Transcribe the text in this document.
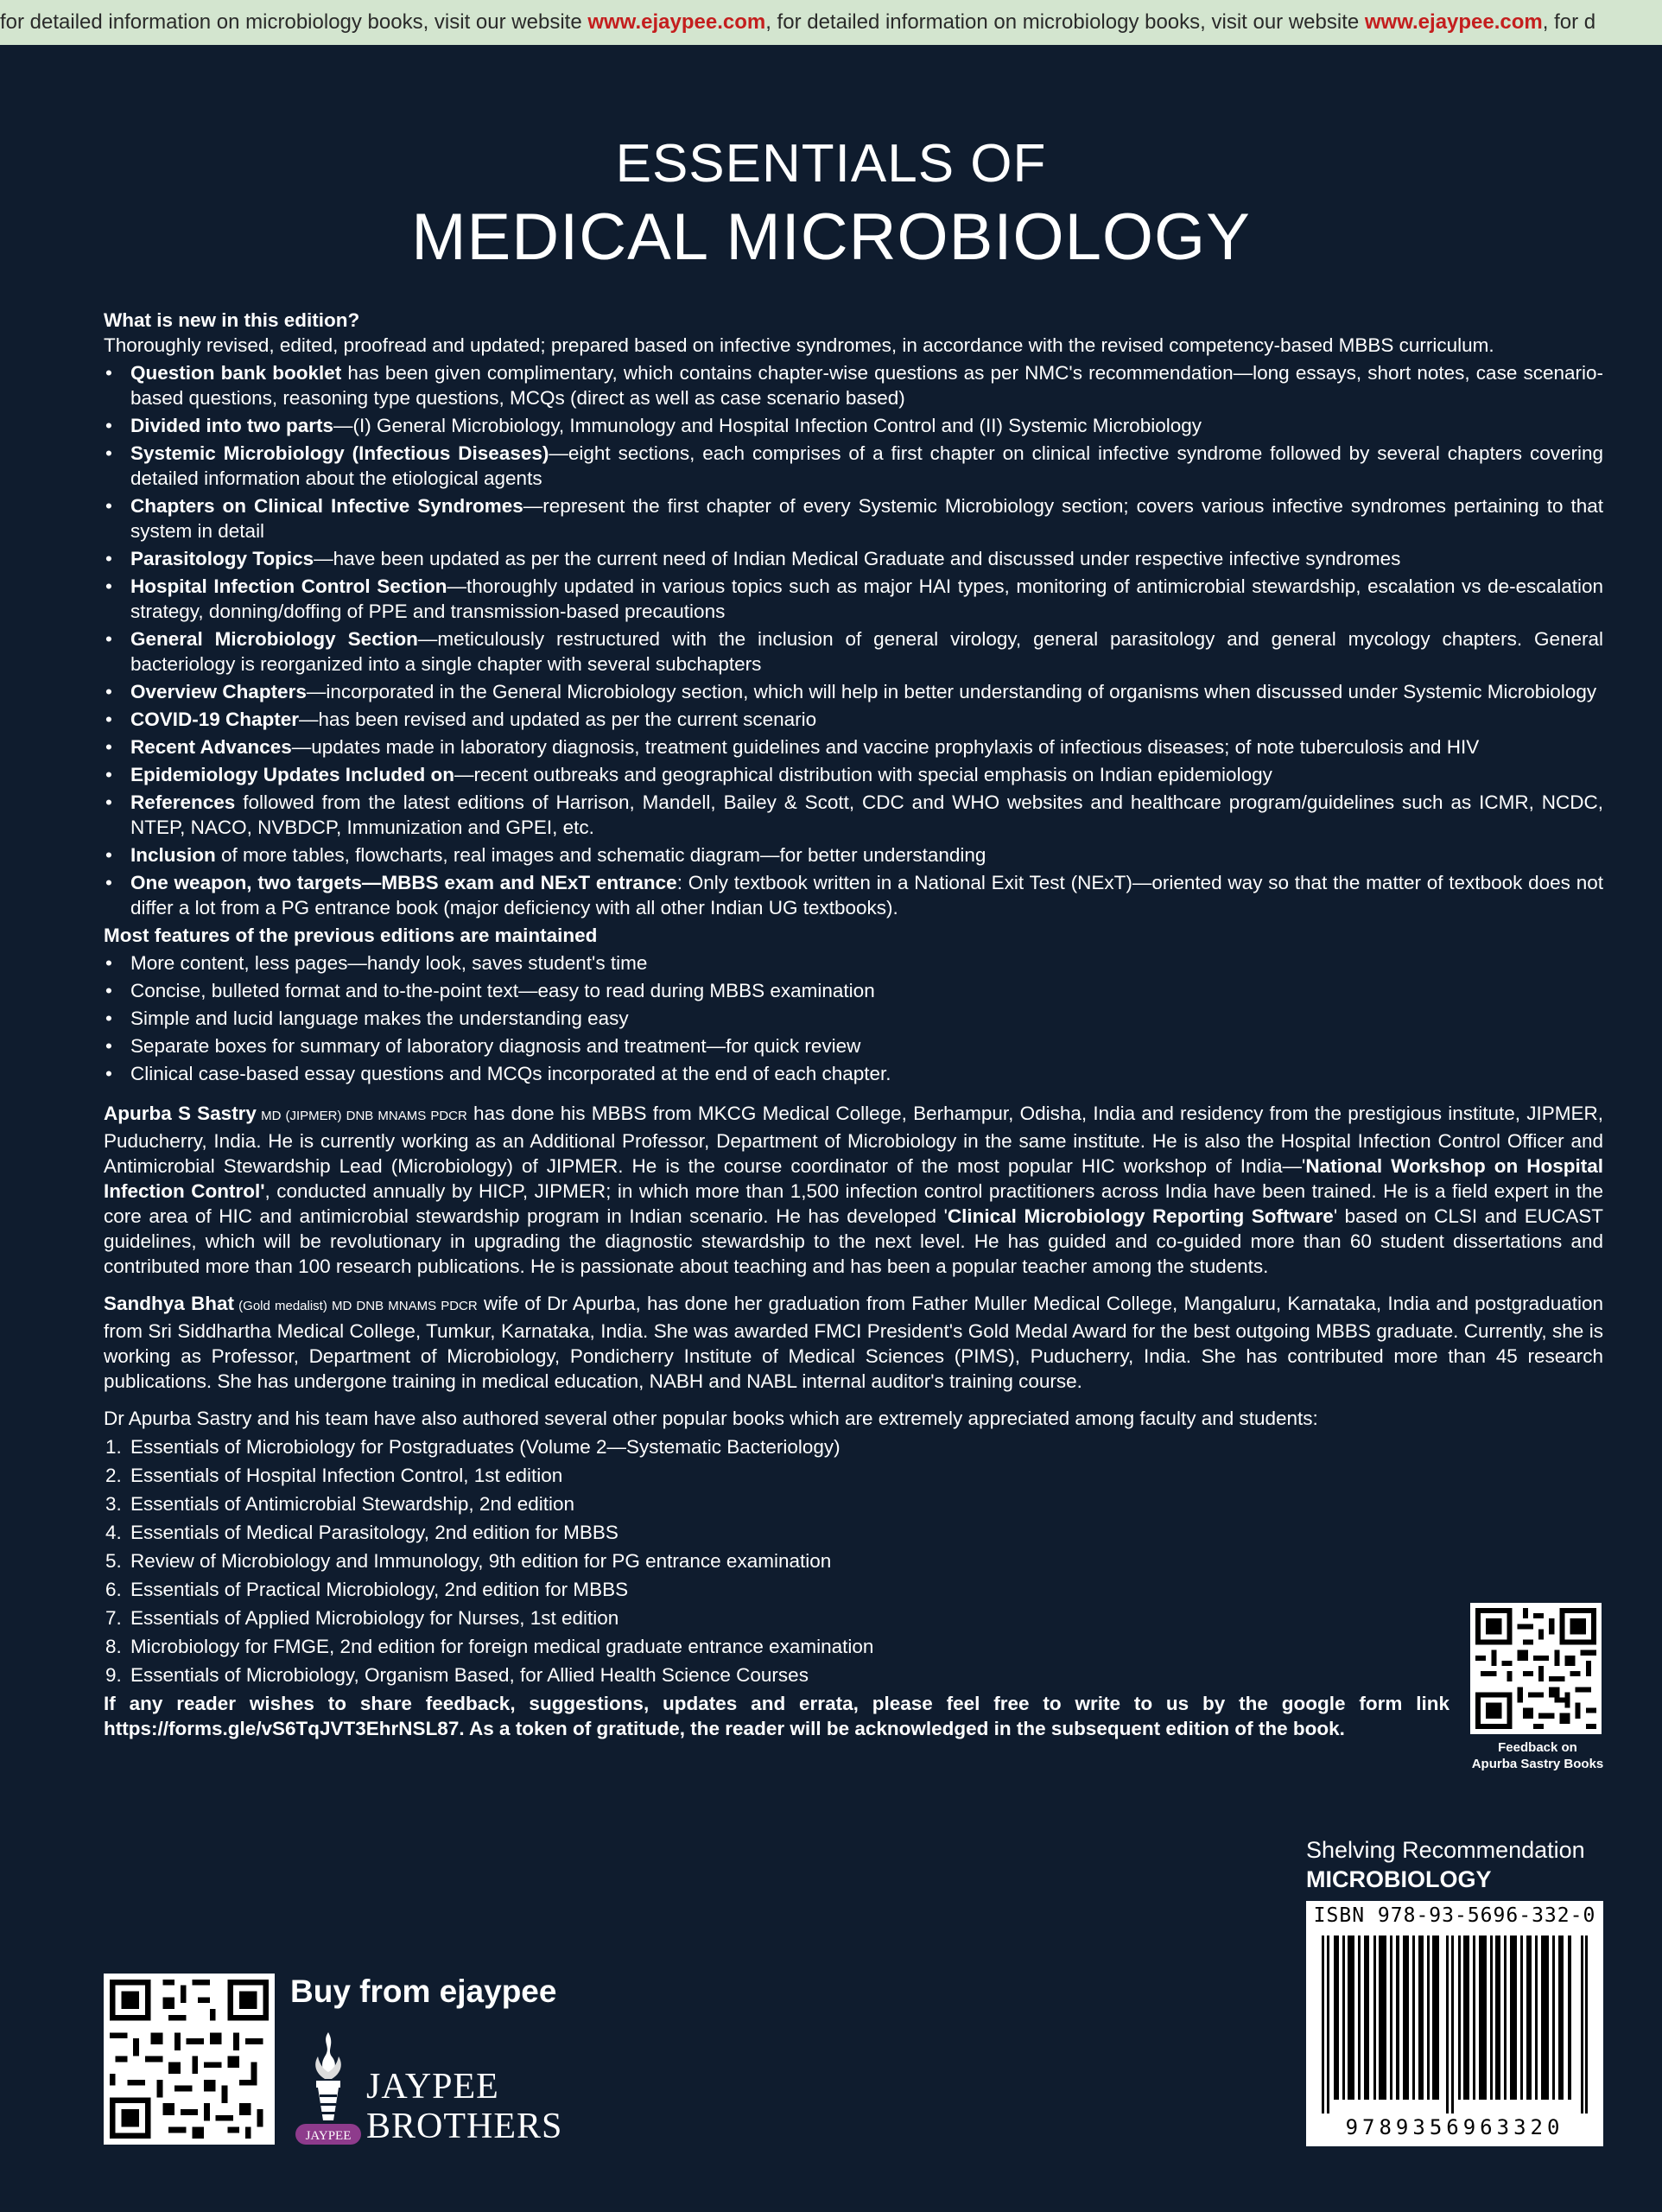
for detailed information on microbiology books, visit our website www.ejaypee.com, for detailed information on microbiology books, visit our website www.ejaypee.com, for d
ESSENTIALS OF
MEDICAL MICROBIOLOGY
What is new in this edition?

Thoroughly revised, edited, proofread and updated; prepared based on infective syndromes, in accordance with the revised competency-based MBBS curriculum.

• Question bank booklet has been given complimentary, which contains chapter-wise questions as per NMC's recommendation—long essays, short notes, case scenario-based questions, reasoning type questions, MCQs (direct as well as case scenario based)
• Divided into two parts—(I) General Microbiology, Immunology and Hospital Infection Control and (II) Systemic Microbiology
• Systemic Microbiology (Infectious Diseases)—eight sections, each comprises of a first chapter on clinical infective syndrome followed by several chapters covering detailed information about the etiological agents
• Chapters on Clinical Infective Syndromes—represent the first chapter of every Systemic Microbiology section; covers various infective syndromes pertaining to that system in detail
• Parasitology Topics—have been updated as per the current need of Indian Medical Graduate and discussed under respective infective syndromes
• Hospital Infection Control Section—thoroughly updated in various topics such as major HAI types, monitoring of antimicrobial stewardship, escalation vs de-escalation strategy, donning/doffing of PPE and transmission-based precautions
• General Microbiology Section—meticulously restructured with the inclusion of general virology, general parasitology and general mycology chapters. General bacteriology is reorganized into a single chapter with several subchapters
• Overview Chapters—incorporated in the General Microbiology section, which will help in better understanding of organisms when discussed under Systemic Microbiology
• COVID-19 Chapter—has been revised and updated as per the current scenario
• Recent Advances—updates made in laboratory diagnosis, treatment guidelines and vaccine prophylaxis of infectious diseases; of note tuberculosis and HIV
• Epidemiology Updates Included on—recent outbreaks and geographical distribution with special emphasis on Indian epidemiology
• References followed from the latest editions of Harrison, Mandell, Bailey & Scott, CDC and WHO websites and healthcare program/guidelines such as ICMR, NCDC, NTEP, NACO, NVBDCP, Immunization and GPEI, etc.
• Inclusion of more tables, flowcharts, real images and schematic diagram—for better understanding
• One weapon, two targets—MBBS exam and NExT entrance: Only textbook written in a National Exit Test (NExT)—oriented way so that the matter of textbook does not differ a lot from a PG entrance book (major deficiency with all other Indian UG textbooks).
Most features of the previous editions are maintained
• More content, less pages—handy look, saves student's time
• Concise, bulleted format and to-the-point text—easy to read during MBBS examination
• Simple and lucid language makes the understanding easy
• Separate boxes for summary of laboratory diagnosis and treatment—for quick review
• Clinical case-based essay questions and MCQs incorporated at the end of each chapter.

Apurba S Sastry MD (JIPMER) DNB MNAMS PDCR has done his MBBS from MKCG Medical College, Berhampur, Odisha, India and residency from the prestigious institute, JIPMER, Puducherry, India. He is currently working as an Additional Professor, Department of Microbiology in the same institute. He is also the Hospital Infection Control Officer and Antimicrobial Stewardship Lead (Microbiology) of JIPMER. He is the course coordinator of the most popular HIC workshop of India—'National Workshop on Hospital Infection Control', conducted annually by HICP, JIPMER; in which more than 1,500 infection control practitioners across India have been trained. He is a field expert in the core area of HIC and antimicrobial stewardship program in Indian scenario. He has developed 'Clinical Microbiology Reporting Software' based on CLSI and EUCAST guidelines, which will be revolutionary in upgrading the diagnostic stewardship to the next level. He has guided and co-guided more than 60 student dissertations and contributed more than 100 research publications. He is passionate about teaching and has been a popular teacher among the students.

Sandhya Bhat (Gold medalist) MD DNB MNAMS PDCR wife of Dr Apurba, has done her graduation from Father Muller Medical College, Mangaluru, Karnataka, India and postgraduation from Sri Siddhartha Medical College, Tumkur, Karnataka, India. She was awarded FMCI President's Gold Medal Award for the best outgoing MBBS graduate. Currently, she is working as Professor, Department of Microbiology, Pondicherry Institute of Medical Sciences (PIMS), Puducherry, India. She has contributed more than 45 research publications. She has undergone training in medical education, NABH and NABL internal auditor's training course.

Dr Apurba Sastry and his team have also authored several other popular books which are extremely appreciated among faculty and students:

1. Essentials of Microbiology for Postgraduates (Volume 2—Systematic Bacteriology)
2. Essentials of Hospital Infection Control, 1st edition
3. Essentials of Antimicrobial Stewardship, 2nd edition
4. Essentials of Medical Parasitology, 2nd edition for MBBS
5. Review of Microbiology and Immunology, 9th edition for PG entrance examination
6. Essentials of Practical Microbiology, 2nd edition for MBBS
7. Essentials of Applied Microbiology for Nurses, 1st edition
8. Microbiology for FMGE, 2nd edition for foreign medical graduate entrance examination
9. Essentials of Microbiology, Organism Based, for Allied Health Science Courses

If any reader wishes to share feedback, suggestions, updates and errata, please feel free to write to us by the google form link https://forms.gle/vS6TqJVT3EhrNSL87. As a token of gratitude, the reader will be acknowledged in the subsequent edition of the book.

Feedback on
Apurba Sastry Books
Shelving Recommendation
MICROBIOLOGY
ISBN 978-93-5696-332-0
9789356963320
Buy from ejaypee
JAYPEE
JAYPEE
BROTHERS
